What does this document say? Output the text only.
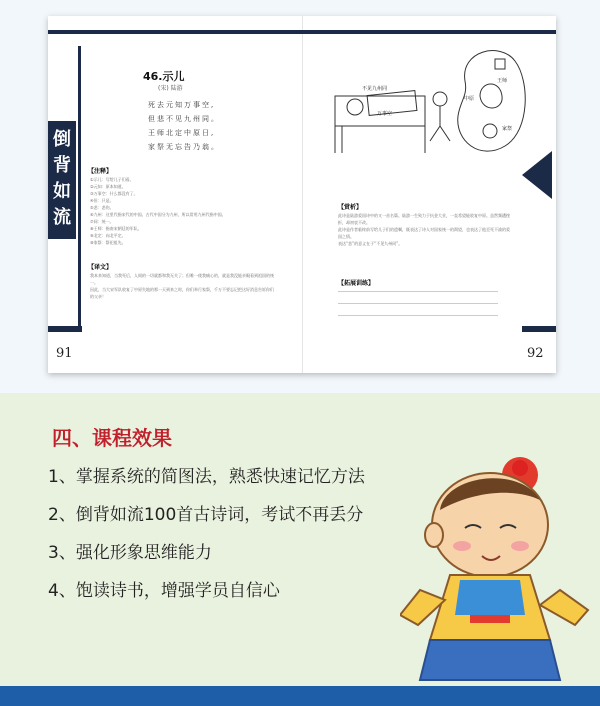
倒背如流
46.示儿
(宋) 陆游
死去元知万事空,
但悲不见九州同。
王师北定中原日,
家祭无忘告乃翁。
【注释】
①示儿：写给儿子们看。
②元知：原本知道。
③万事空：什么都没有了。
④但：只是。
⑤悲：悲伤。
⑥九州：这里代指宋代的中国。古代中国分为九州，所以常用九州代指中国。
⑦同：统一。
⑧王师：指南宋朝廷的军队。
⑨北定：向北平定。
⑩家祭：祭祀祖先。
【译文】
我本来知道，当我死后，人间的一切就都和我无关了；但唯一使我痛心的，就是我没能亲眼看到祖国的统一。
因此，当大宋军队收复了中原失地的那一天到来之时，你们举行家祭，千万不要忘记把这好消息告诉你们的父亲！
91
不见九州同
万事空
王师
中原
家祭
【赏析】
此诗是陆游爱国诗中的又一首名篇。陆游一生致力于抗金大业，一直希望能收复中原。虽然频遭挫折，却初衷不改。
此诗是作者临终前写给儿子们的遗嘱，既表达了诗人对国家统一的渴望，也表达了他至死不渝的爱国之情。
表达“悲”的意义在于“不见九州同”。
【拓展训练】
92
四、课程效果
1、掌握系统的简图法，熟悉快速记忆方法
2、倒背如流100首古诗词，考试不再丢分
3、强化形象思维能力
4、饱读诗书，增强学员自信心
